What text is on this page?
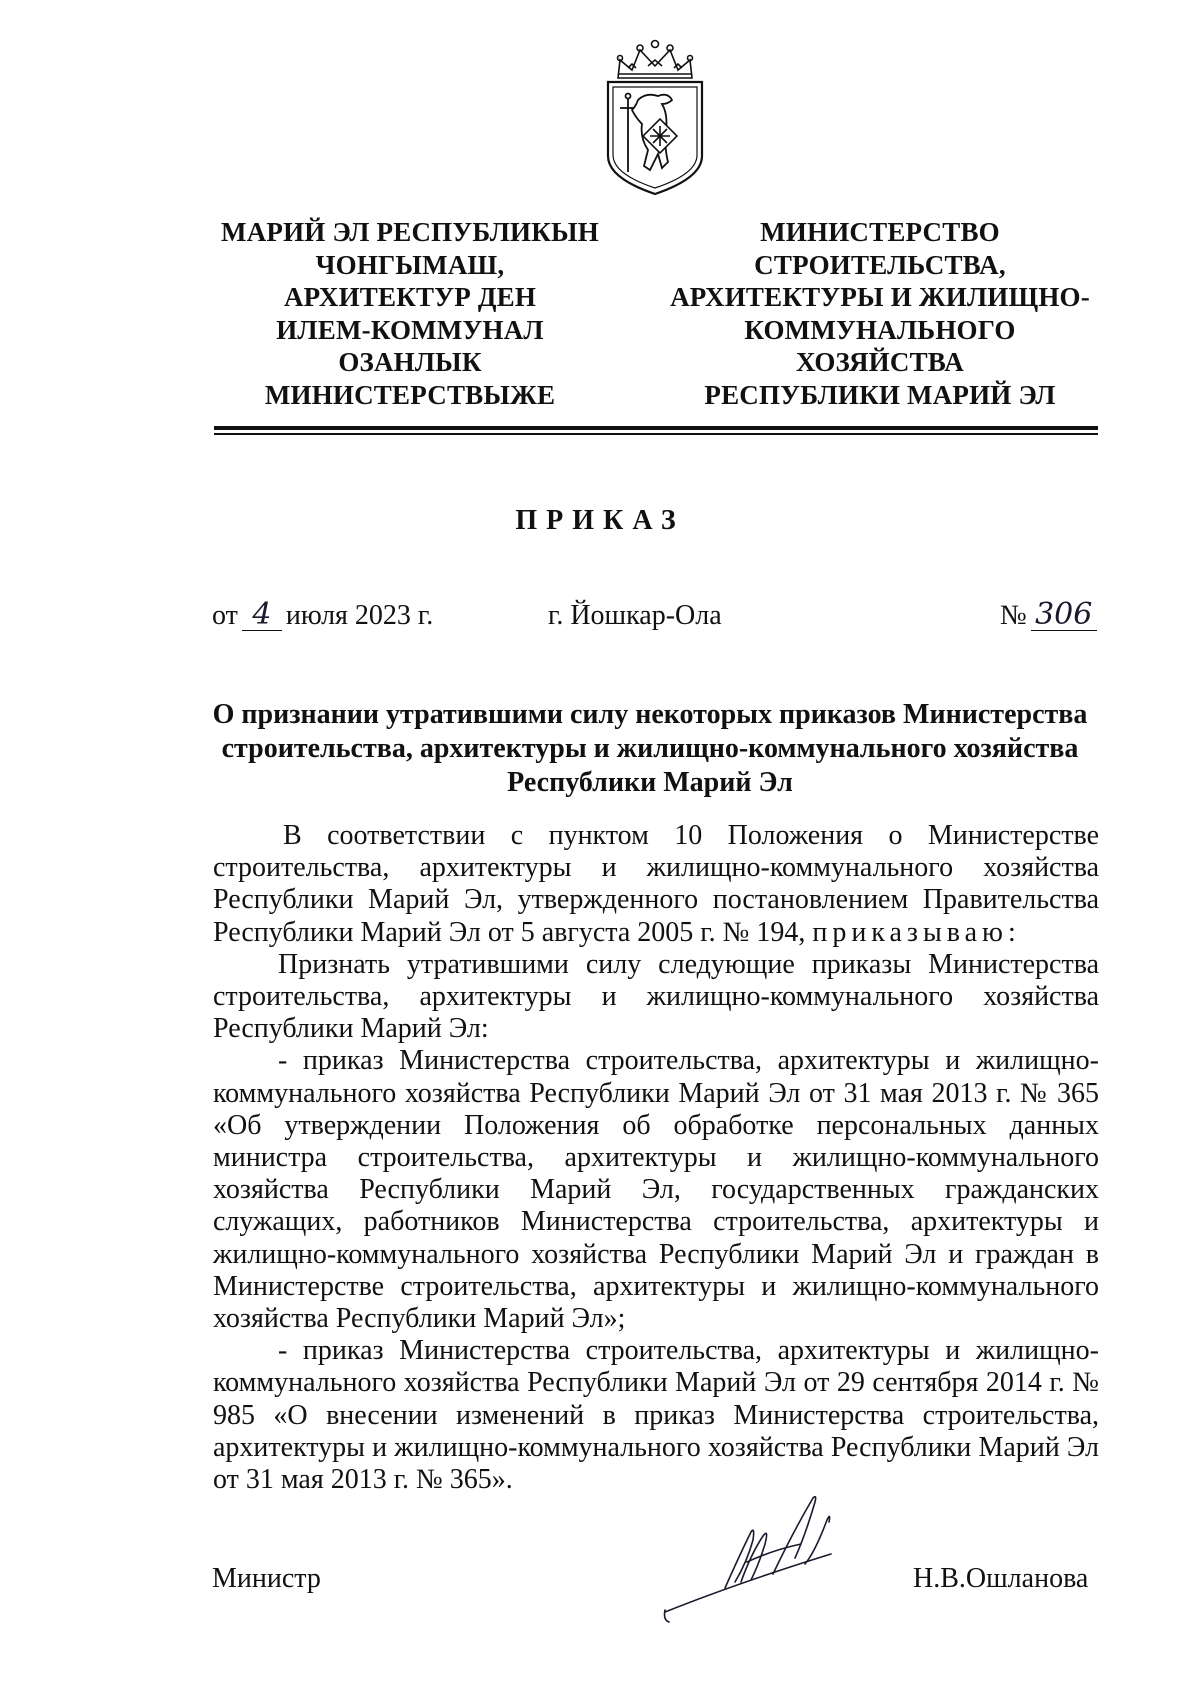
МАРИЙ ЭЛ РЕСПУБЛИКЫН
ЧОНГЫМАШ,
АРХИТЕКТУР ДЕН
ИЛЕМ-КОММУНАЛ
ОЗАНЛЫК
МИНИСТЕРСТВЫЖЕ
МИНИСТЕРСТВО
СТРОИТЕЛЬСТВА,
АРХИТЕКТУРЫ И ЖИЛИЩНО-
КОММУНАЛЬНОГО
ХОЗЯЙСТВА
РЕСПУБЛИКИ МАРИЙ ЭЛ
ПРИКАЗ
от 4 июля 2023 г.	г. Йошкар-Ола	№ 306
О признании утратившими силу некоторых приказов Министерства
строительства, архитектуры и жилищно-коммунального хозяйства
Республики Марий Эл

В соответствии с пунктом 10 Положения о Министерстве строительства, архитектуры и жилищно-коммунального хозяйства Республики Марий Эл, утвержденного постановлением Правительства Республики Марий Эл от 5 августа 2005 г. № 194, приказываю:

Признать утратившими силу следующие приказы Министерства строительства, архитектуры и жилищно-коммунального хозяйства Республики Марий Эл:

- приказ Министерства строительства, архитектуры и жилищно-коммунального хозяйства Республики Марий Эл от 31 мая 2013 г. № 365 «Об утверждении Положения об обработке персональных данных министра строительства, архитектуры и жилищно-коммунального хозяйства Республики Марий Эл, государственных гражданских служащих, работников Министерства строительства, архитектуры и жилищно-коммунального хозяйства Республики Марий Эл и граждан в Министерстве строительства, архитектуры и жилищно-коммунального хозяйства Республики Марий Эл»;

- приказ Министерства строительства, архитектуры и жилищно-коммунального хозяйства Республики Марий Эл от 29 сентября 2014 г. № 985 «О внесении изменений в приказ Министерства строительства, архитектуры и жилищно-коммунального хозяйства Республики Марий Эл от 31 мая 2013 г. № 365».

Министр	Н.В.Ошланова
